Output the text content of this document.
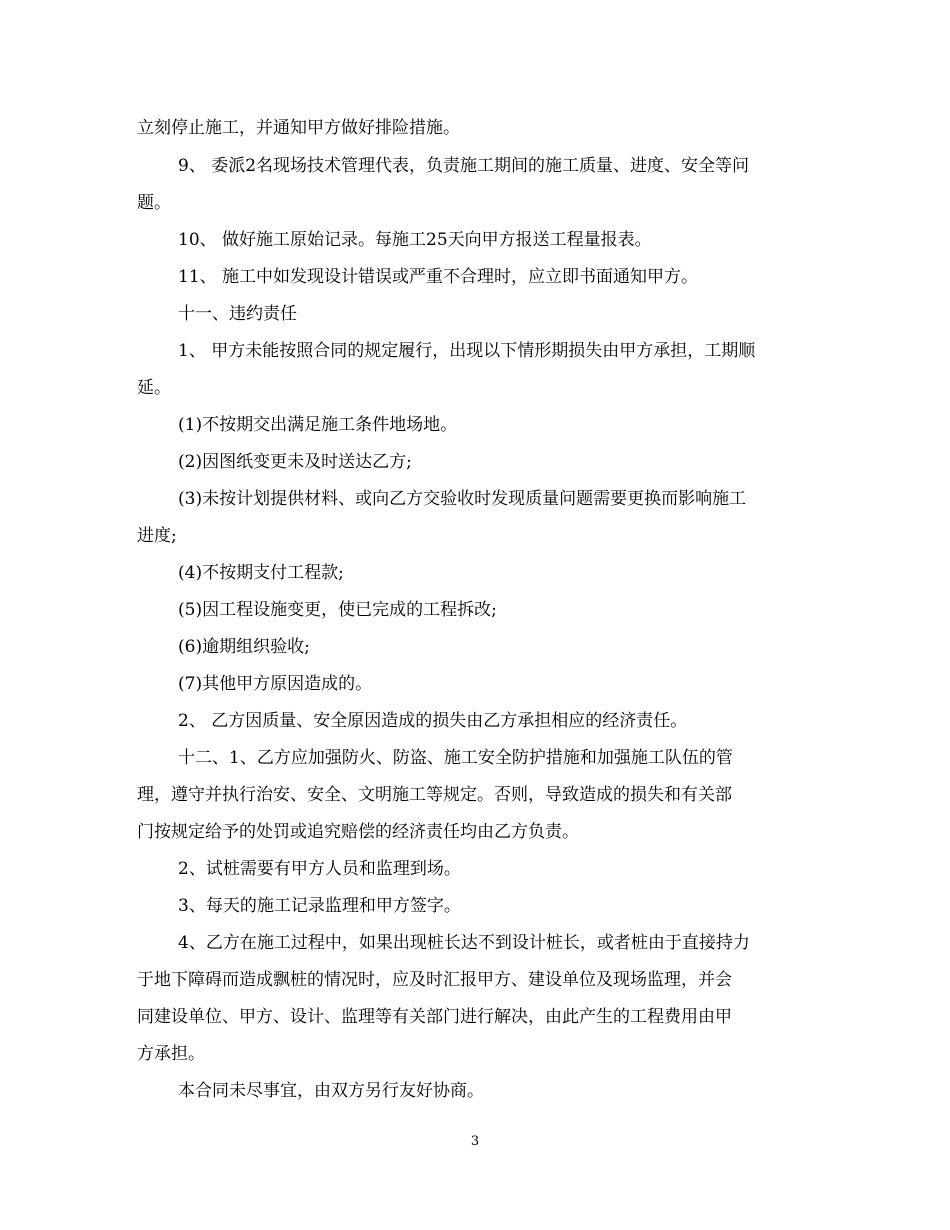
立刻停止施工，并通知甲方做好排险措施。
9、 委派2名现场技术管理代表，负责施工期间的施工质量、进度、安全等问
题。
10、 做好施工原始记录。每施工25天向甲方报送工程量报表。
11、 施工中如发现设计错误或严重不合理时，应立即书面通知甲方。
十一、违约责任
1、 甲方未能按照合同的规定履行，出现以下情形期损失由甲方承担，工期顺
延。
(1)不按期交出满足施工条件地场地。
(2)因图纸变更未及时送达乙方;
(3)未按计划提供材料、或向乙方交验收时发现质量问题需要更换而影响施工
进度;
(4)不按期支付工程款;
(5)因工程设施变更，使已完成的工程拆改;
(6)逾期组织验收;
(7)其他甲方原因造成的。
2、 乙方因质量、安全原因造成的损失由乙方承担相应的经济责任。
十二、1、乙方应加强防火、防盗、施工安全防护措施和加强施工队伍的管
理，遵守并执行治安、安全、文明施工等规定。否则，导致造成的损失和有关部
门按规定给予的处罚或追究赔偿的经济责任均由乙方负责。
2、试桩需要有甲方人员和监理到场。
3、每天的施工记录监理和甲方签字。
4、乙方在施工过程中，如果出现桩长达不到设计桩长，或者桩由于直接持力
于地下障碍而造成飘桩的情况时，应及时汇报甲方、建设单位及现场监理，并会
同建设单位、甲方、设计、监理等有关部门进行解决，由此产生的工程费用由甲
方承担。
本合同未尽事宜，由双方另行友好协商。
3
